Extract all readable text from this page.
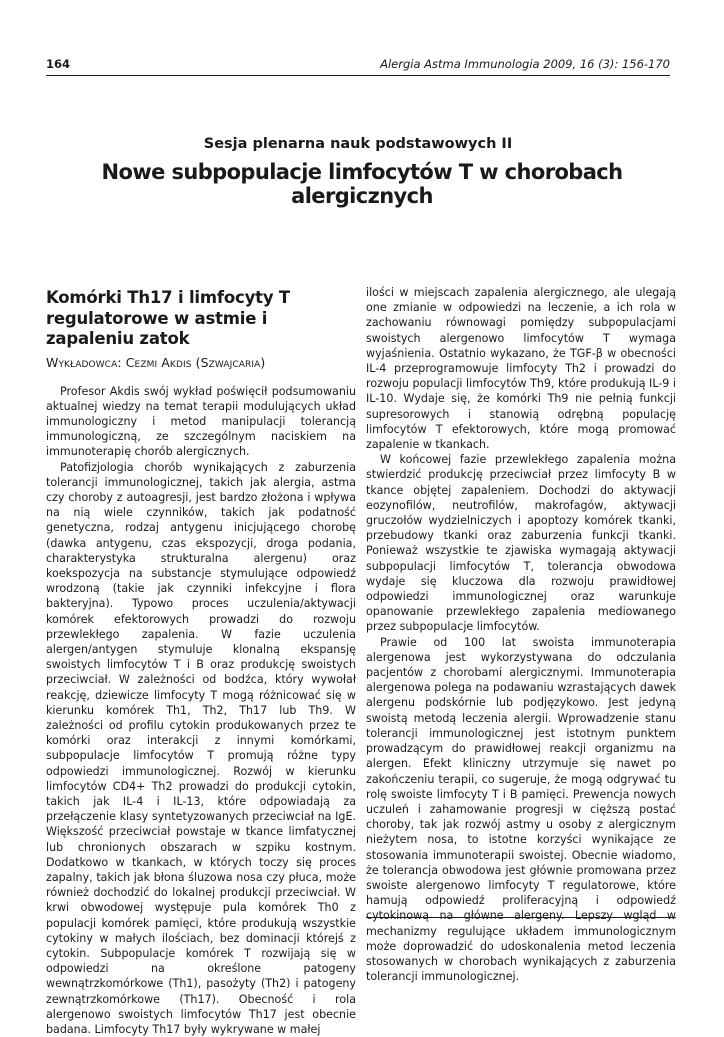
164	Alergia Astma Immunologia 2009, 16 (3): 156-170
Sesja plenarna nauk podstawowych II
Nowe subpopulacje limfocytów T w chorobach alergicznych
Komórki Th17 i limfocyty T regulatorowe w astmie i zapaleniu zatok
Wykładowca: Cezmi Akdis (Szwajcaria)

Profesor Akdis swój wykład poświęcił podsumowaniu aktualnej wiedzy na temat terapii modulujących układ immunologiczny i metod manipulacji tolerancją immunologiczną, ze szczególnym naciskiem na immunoterapię chorób alergicznych.

Patofizjologia chorób wynikających z zaburzenia tolerancji immunologicznej, takich jak alergia, astma czy choroby z autoagresji, jest bardzo złożona i wpływa na nią wiele czynników, takich jak podatność genetyczna, rodzaj antygenu inicjującego chorobę (dawka antygenu, czas ekspozycji, droga podania, charakterystyka strukturalna alergenu) oraz koekspozycja na substancje stymulujące odpowiedź wrodzoną (takie jak czynniki infekcyjne i flora bakteryjna). Typowo proces uczulenia/aktywacji komórek efektorowych prowadzi do rozwoju przewlekłego zapalenia. W fazie uczulenia alergen/antygen stymuluje klonalną ekspansję swoistych limfocytów T i B oraz produkcję swoistych przeciwciał. W zależności od bodźca, który wywołał reakcję, dziewicze limfocyty T mogą różnicować się w kierunku komórek Th1, Th2, Th17 lub Th9. W zależności od profilu cytokin produkowanych przez te komórki oraz interakcji z innymi komórkami, subpopulacje limfocytów T promują różne typy odpowiedzi immunologicznej. Rozwój w kierunku limfocytów CD4+ Th2 prowadzi do produkcji cytokin, takich jak IL-4 i IL-13, które odpowiadają za przełączenie klasy syntetyzowanych przeciwciał na IgE. Większość przeciwciał powstaje w tkance limfatycznej lub chronionych obszarach w szpiku kostnym. Dodatkowo w tkankach, w których toczy się proces zapalny, takich jak błona śluzowa nosa czy płuca, może również dochodzić do lokalnej produkcji przeciwciał. W krwi obwodowej występuje pula komórek Th0 z populacji komórek pamięci, które produkują wszystkie cytokiny w małych ilościach, bez dominacji którejś z cytokin. Subpopulacje komórek T rozwijają się w odpowiedzi na określone patogeny wewnątrzkomórkowe (Th1), pasożyty (Th2) i patogeny zewnątrzkomórkowe (Th17). Obecność i rola alergenowo swoistych limfocytów Th17 jest obecnie badana. Limfocyty Th17 były wykrywane w małej

ilości w miejscach zapalenia alergicznego, ale ulegają one zmianie w odpowiedzi na leczenie, a ich rola w zachowaniu równowagi pomiędzy subpopulacjami swoistych alergenowo limfocytów T wymaga wyjaśnienia. Ostatnio wykazano, że TGF-β w obecności IL-4 przeprogramowuje limfocyty Th2 i prowadzi do rozwoju populacji limfocytów Th9, które produkują IL-9 i IL-10. Wydaje się, że komórki Th9 nie pełnią funkcji supresorowych i stanowią odrębną populację limfocytów T efektorowych, które mogą promować zapalenie w tkankach.

W końcowej fazie przewlekłego zapalenia można stwierdzić produkcję przeciwciał przez limfocyty B w tkance objętej zapaleniem. Dochodzi do aktywacji eozynofilów, neutrofilów, makrofagów, aktywacji gruczołów wydzielniczych i apoptozy komórek tkanki, przebudowy tkanki oraz zaburzenia funkcji tkanki. Ponieważ wszystkie te zjawiska wymagają aktywacji subpopulacji limfocytów T, tolerancja obwodowa wydaje się kluczowa dla rozwoju prawidłowej odpowiedzi immunologicznej oraz warunkuje opanowanie przewlekłego zapalenia mediowanego przez subpopulacje limfocytów.

Prawie od 100 lat swoista immunoterapia alergenowa jest wykorzystywana do odczulania pacjentów z chorobami alergicznymi. Immunoterapia alergenowa polega na podawaniu wzrastających dawek alergenu podskórnie lub podjęzykowo. Jest jedyną swoistą metodą leczenia alergii. Wprowadzenie stanu tolerancji immunologicznej jest istotnym punktem prowadzącym do prawidłowej reakcji organizmu na alergen. Efekt kliniczny utrzymuje się nawet po zakończeniu terapii, co sugeruje, że mogą odgrywać tu rolę swoiste limfocyty T i B pamięci. Prewencja nowych uczuleń i zahamowanie progresji w cięższą postać choroby, tak jak rozwój astmy u osoby z alergicznym nieżytem nosa, to istotne korzyści wynikające ze stosowania immunoterapii swoistej. Obecnie wiadomo, że tolerancja obwodowa jest głównie promowana przez swoiste alergenowo limfocyty T regulatorowe, które hamują odpowiedź proliferacyjną i odpowiedź cytokinową na główne alergeny. Lepszy wgląd w mechanizmy regulujące układem immunologicznym może doprowadzić do udoskonalenia metod leczenia stosowanych w chorobach wynikających z zaburzenia tolerancji immunologicznej.
